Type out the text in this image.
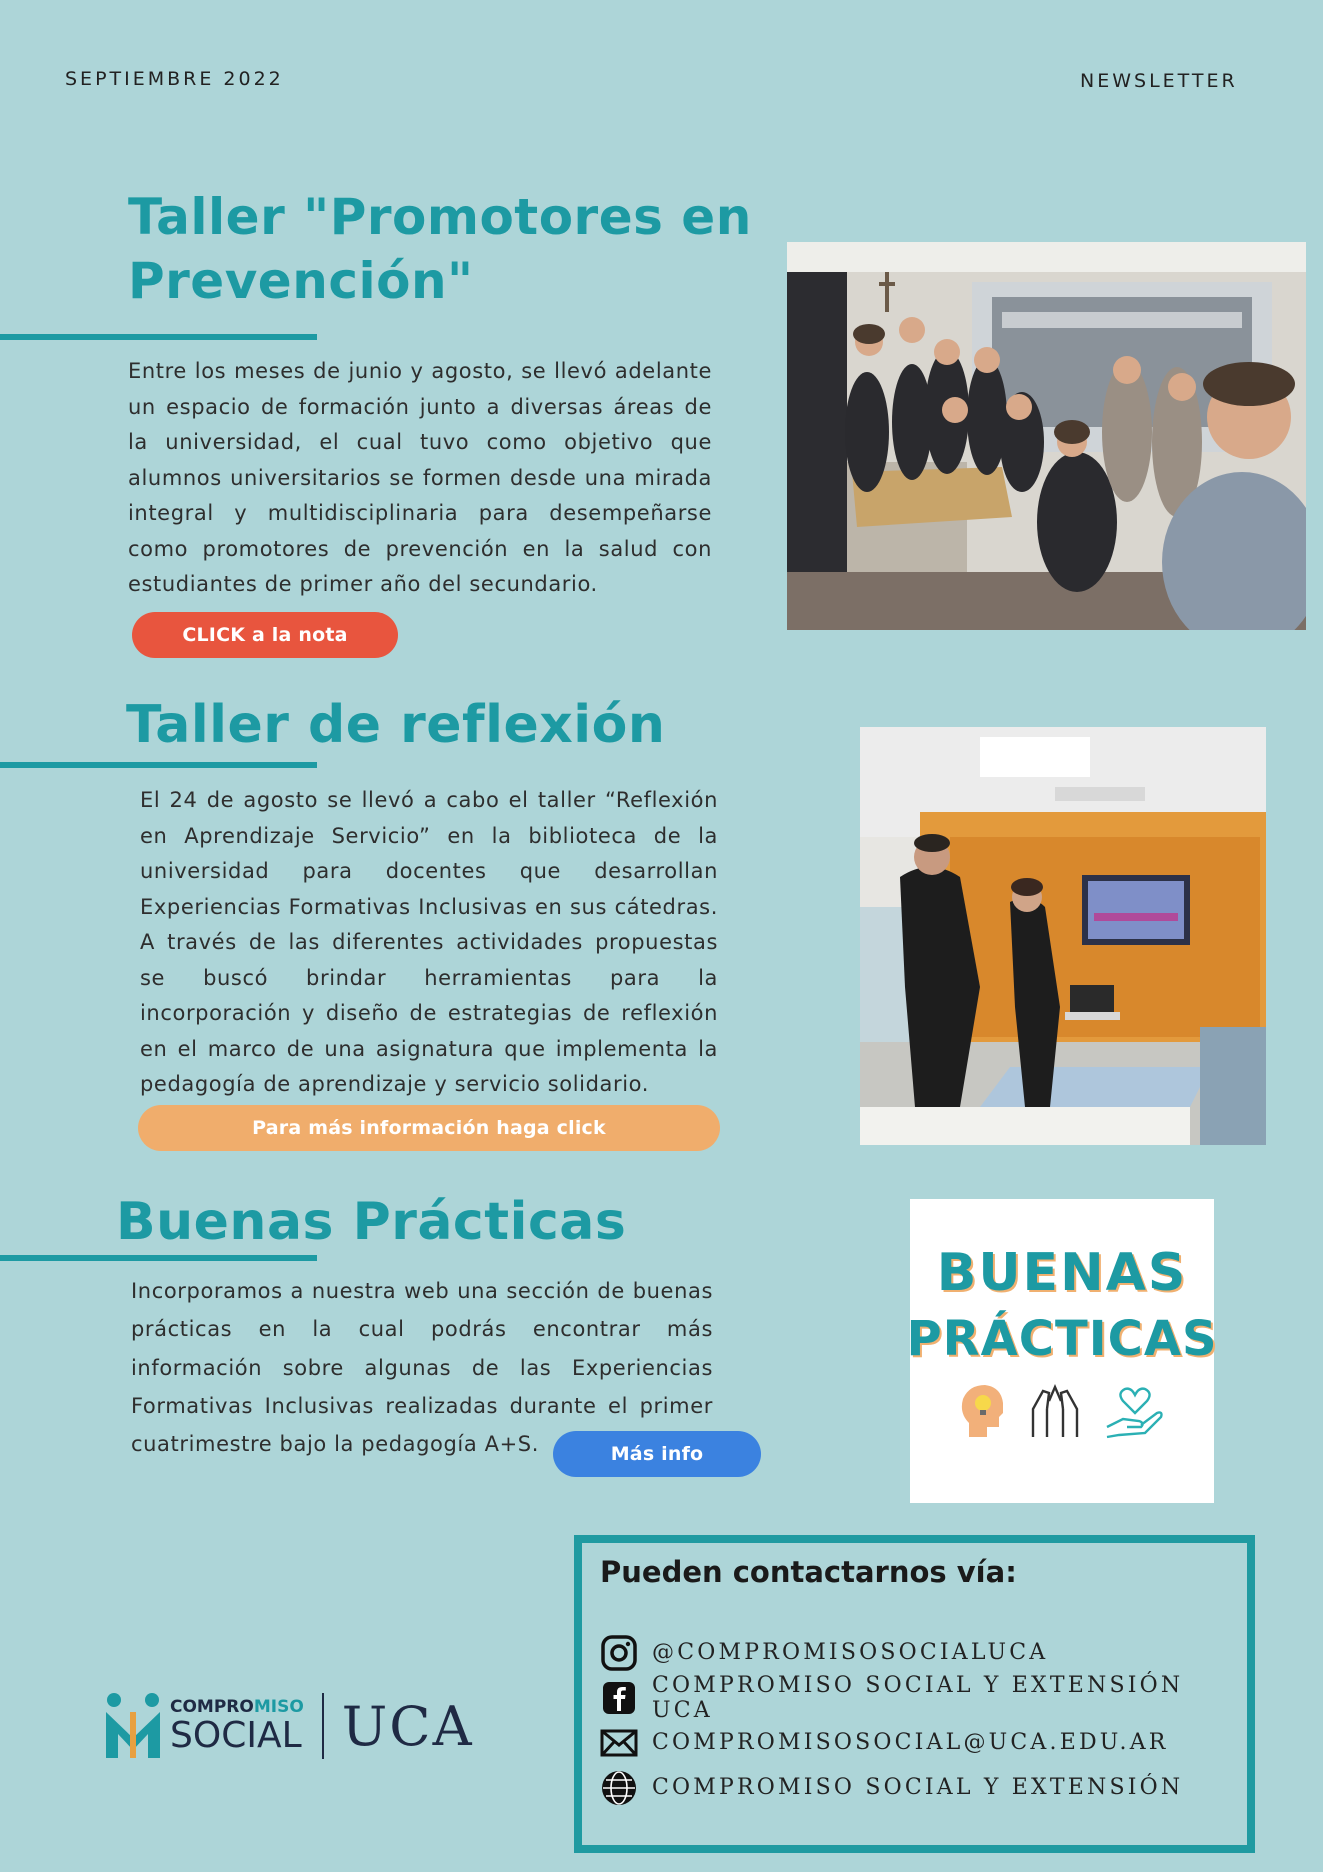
SEPTIEMBRE 2022	NEWSLETTER
Taller "Promotores en
Prevención"
Entre los meses de junio y agosto, se llevó adelante un espacio de formación junto a diversas áreas de la universidad, el cual tuvo como objetivo que alumnos universitarios se formen desde una mirada integral y multidisciplinaria para desempeñarse como promotores de prevención en la salud con estudiantes de primer año del secundario.
CLICK a la nota
Taller de reflexión
El 24 de agosto se llevó a cabo el taller “Reflexión en Aprendizaje Servicio” en la biblioteca de la universidad para docentes que desarrollan Experiencias Formativas Inclusivas en sus cátedras. A través de las diferentes actividades propuestas se buscó brindar herramientas para la incorporación y diseño de estrategias de reflexión en el marco de una asignatura que implementa la pedagogía de aprendizaje y servicio solidario.
Para más información haga click
Buenas Prácticas
Incorporamos a nuestra web una sección de buenas prácticas en la cual podrás encontrar más información sobre algunas de las Experiencias Formativas Inclusivas realizadas durante el primer cuatrimestre bajo la pedagogía A+S.	Más info
BUENAS
PRÁCTICAS
COMPROMISO
SOCIAL UCA
Pueden contactarnos vía:
@COMPROMISOSOCIALUCA
COMPROMISO SOCIAL Y EXTENSIÓN UCA
COMPROMISOSOCIAL@UCA.EDU.AR
COMPROMISO SOCIAL Y EXTENSIÓN
